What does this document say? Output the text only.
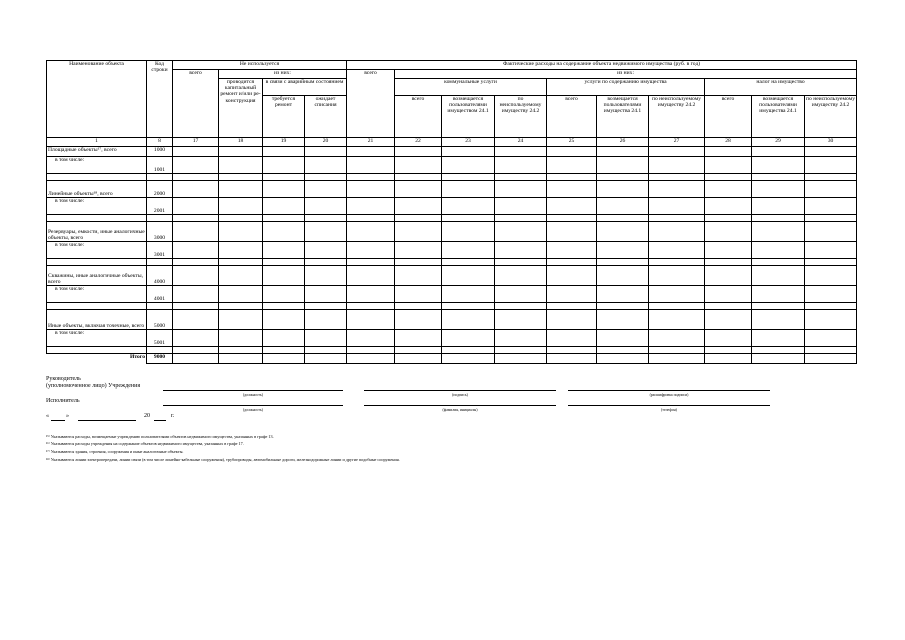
Наименование объекта	Код строки	Не используется				Фактические расходы на содержание объекта недвижимого имущества (руб. в год)									
		всего	из них:			всего	из них:								
			проводится капитальный ремонт и/или ре-конструкция	в связи с аварийным состоянием			коммунальные услуги			услуги по содержанию имущества			налог на имущество		
				требуется ремонт	ожидает списания		всего	возмещается пользователями имуществом 24.1	по неиспользуемому имуществу 24.2	всего	возмещается пользователями имущества 24.1	по неиспользуемому имуществу 24.2	всего	возмещается пользователями имущества 24.1	по неиспользуемому имуществу 24.2
1	8	17	18	19	20	21	22	23	24	25	26	27	28	29	30
Площадные объекты¹⁷, всего	1000														
в том числе:	1001														

Линейные объекты¹⁸, всего	2000														
в том числе:	2001														

Резервуары, емкости, иные аналогичные объекты, всего	3000														
в том числе:	3001														

Скважины, иные аналогичные объекты, всего	4000														
в том числе:	4001														

Иные объекты, включая точечные, всего	5000														
в том числе:	5001														

Итого	9000														
Руководитель
(уполномоченное лицо) Учреждения
(должность)	(подпись)	(расшифровка подписи)
Исполнитель
(должность)	(фамилия, инициалы)	(телефон)
«	»	20	г.
¹⁵⁾ Указываются расходы, возмещаемые учреждению пользователями объектов недвижимого имущества, указанных в графе 13.
¹⁶⁾ Указываются расходы учреждения на содержание объектов недвижимого имущества, указанных в графе 17.
¹⁷⁾ Указываются здания, строения, сооружения и иные аналогичные объекты.
¹⁸⁾ Указываются линии электропередачи, линии связи (в том числе линейно-кабельные сооружения), трубопроводы, автомобильные дороги, железнодорожные линии и другие подобные сооружения.
